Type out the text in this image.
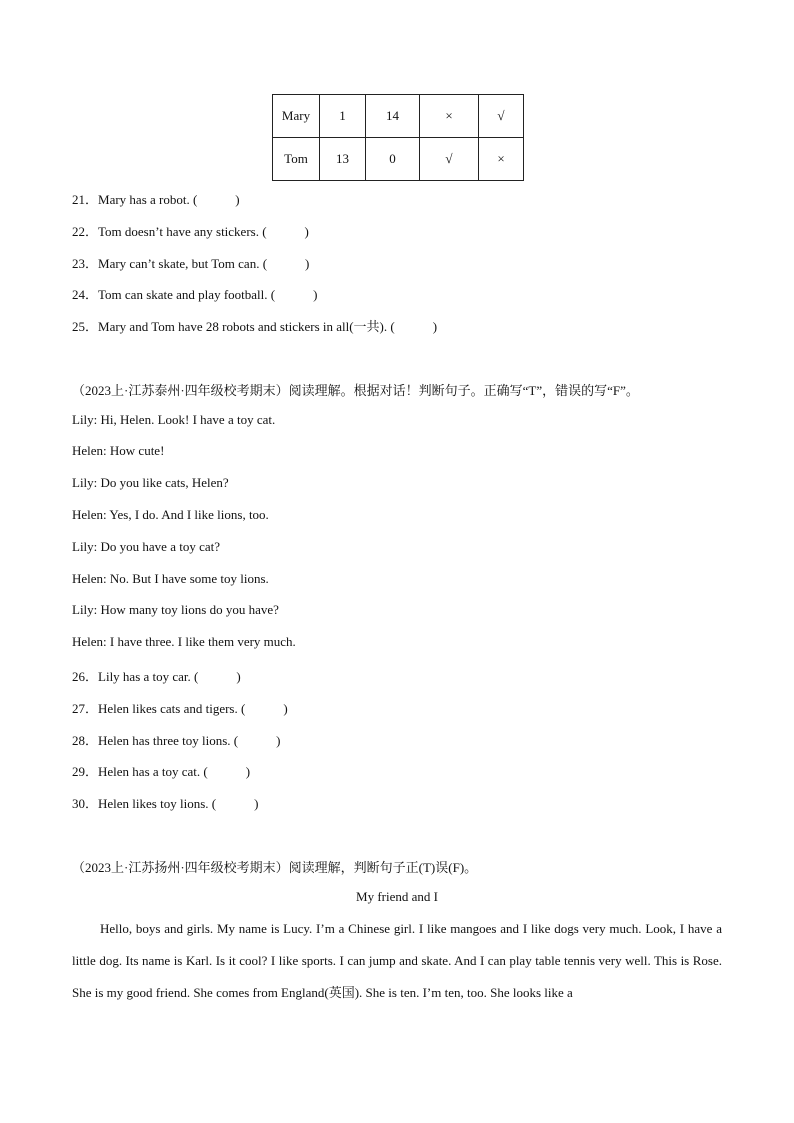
Mary	1	14	×	√
Tom	13	0	√	×
21．Mary has a robot. (	)
22．Tom doesn’t have any stickers. (	)
23．Mary can’t skate, but Tom can. (	)
24．Tom can skate and play football. (	)
25．Mary and Tom have 28 robots and stickers in all(一共). (	)
（2023上·江苏泰州·四年级校考期末）阅读理解。根据对话！判断句子。正确写“T”，错误的写“F”。
Lily: Hi, Helen. Look! I have a toy cat.
Helen: How cute!
Lily: Do you like cats, Helen?
Helen: Yes, I do. And I like lions, too.
Lily: Do you have a toy cat?
Helen: No. But I have some toy lions.
Lily: How many toy lions do you have?
Helen: I have three. I like them very much.
26．Lily has a toy car. (	)
27．Helen likes cats and tigers. (	)
28．Helen has three toy lions. (	)
29．Helen has a toy cat. (	)
30．Helen likes toy lions. (	)
（2023上·江苏扬州·四年级校考期末）阅读理解，判断句子正(T)误(F)。
My friend and I
Hello, boys and girls. My name is Lucy. I’m a Chinese girl. I like mangoes and I like dogs very much. Look, I have a little dog. Its name is Karl. Is it cool? I like sports. I can jump and skate. And I can play table tennis very well. This is Rose. She is my good friend. She comes from England(英国). She is ten. I’m ten, too. She looks like a
